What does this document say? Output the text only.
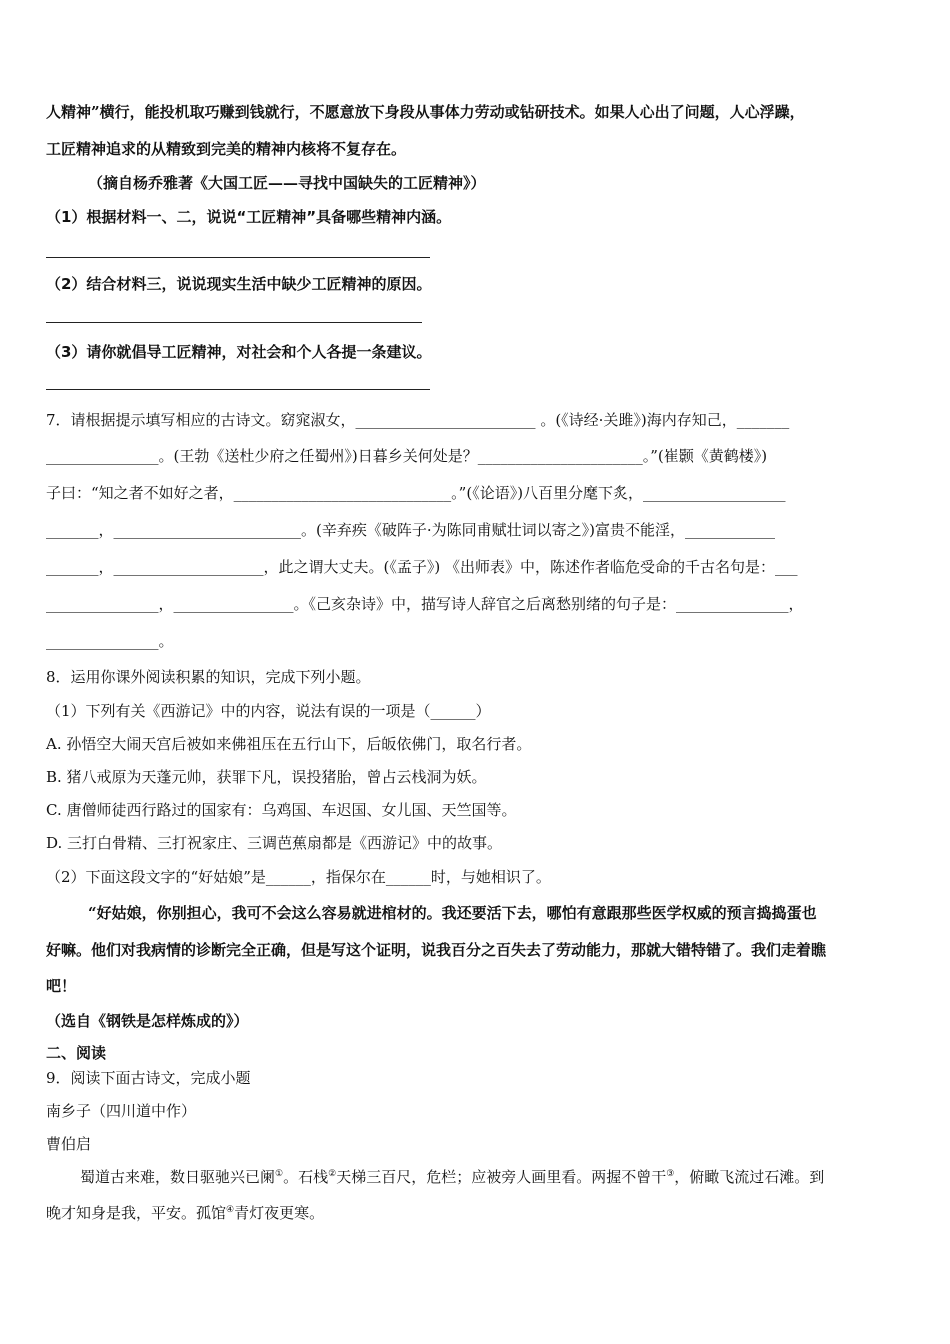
人精神”横行，能投机取巧赚到钱就行，不愿意放下身段从事体力劳动或钻研技术。如果人心出了问题，人心浮躁，
工匠精神追求的从精致到完美的精神内核将不复存在。
（摘自杨乔雅著《大国工匠——寻找中国缺失的工匠精神》）
（1）根据材料一、二，说说“工匠精神”具备哪些精神内涵。
（2）结合材料三，说说现实生活中缺少工匠精神的原因。
（3）请你就倡导工匠精神，对社会和个人各提一条建议。
7．请根据提示填写相应的古诗文。窈窕淑女，________________________ 。(《诗经·关雎》)海内存知己，_______
_______________。(王勃《送杜少府之任蜀州》)日暮乡关何处是？______________________。”(崔颢《黄鹤楼》)
子曰：“知之者不如好之者，_____________________________。”(《论语》)八百里分麾下炙，___________________
_______，_________________________。(辛弃疾《破阵子·为陈同甫赋壮词以寄之》)富贵不能淫，____________
_______，____________________，此之谓大丈夫。(《孟子》) 《出师表》中，陈述作者临危受命的千古名句是：___
_______________，________________。《己亥杂诗》中，描写诗人辞官之后离愁别绪的句子是：_______________，
_______________。
8．运用你课外阅读积累的知识，完成下列小题。
（1）下列有关《西游记》中的内容，说法有误的一项是（______）
A. 孙悟空大闹天宫后被如来佛祖压在五行山下，后皈依佛门，取名行者。
B. 猪八戒原为天蓬元帅，获罪下凡，误投猪胎，曾占云栈洞为妖。
C. 唐僧师徒西行路过的国家有：乌鸡国、车迟国、女儿国、天竺国等。
D. 三打白骨精、三打祝家庄、三调芭蕉扇都是《西游记》中的故事。
（2）下面这段文字的“好姑娘”是______，指保尔在______时，与她相识了。
“好姑娘，你别担心，我可不会这么容易就进棺材的。我还要活下去，哪怕有意跟那些医学权威的预言捣捣蛋也
好嘛。他们对我病情的诊断完全正确，但是写这个证明，说我百分之百失去了劳动能力，那就大错特错了。我们走着瞧
吧！
（选自《钢铁是怎样炼成的》）
二、阅读
9．阅读下面古诗文，完成小题
南乡子（四川道中作）
曹伯启
蜀道古来难，数日驱驰兴已阑①。石栈②天梯三百尺，危栏；应被旁人画里看。两握不曾干③，俯瞰飞流过石滩。到
晚才知身是我，平安。孤馆④青灯夜更寒。
